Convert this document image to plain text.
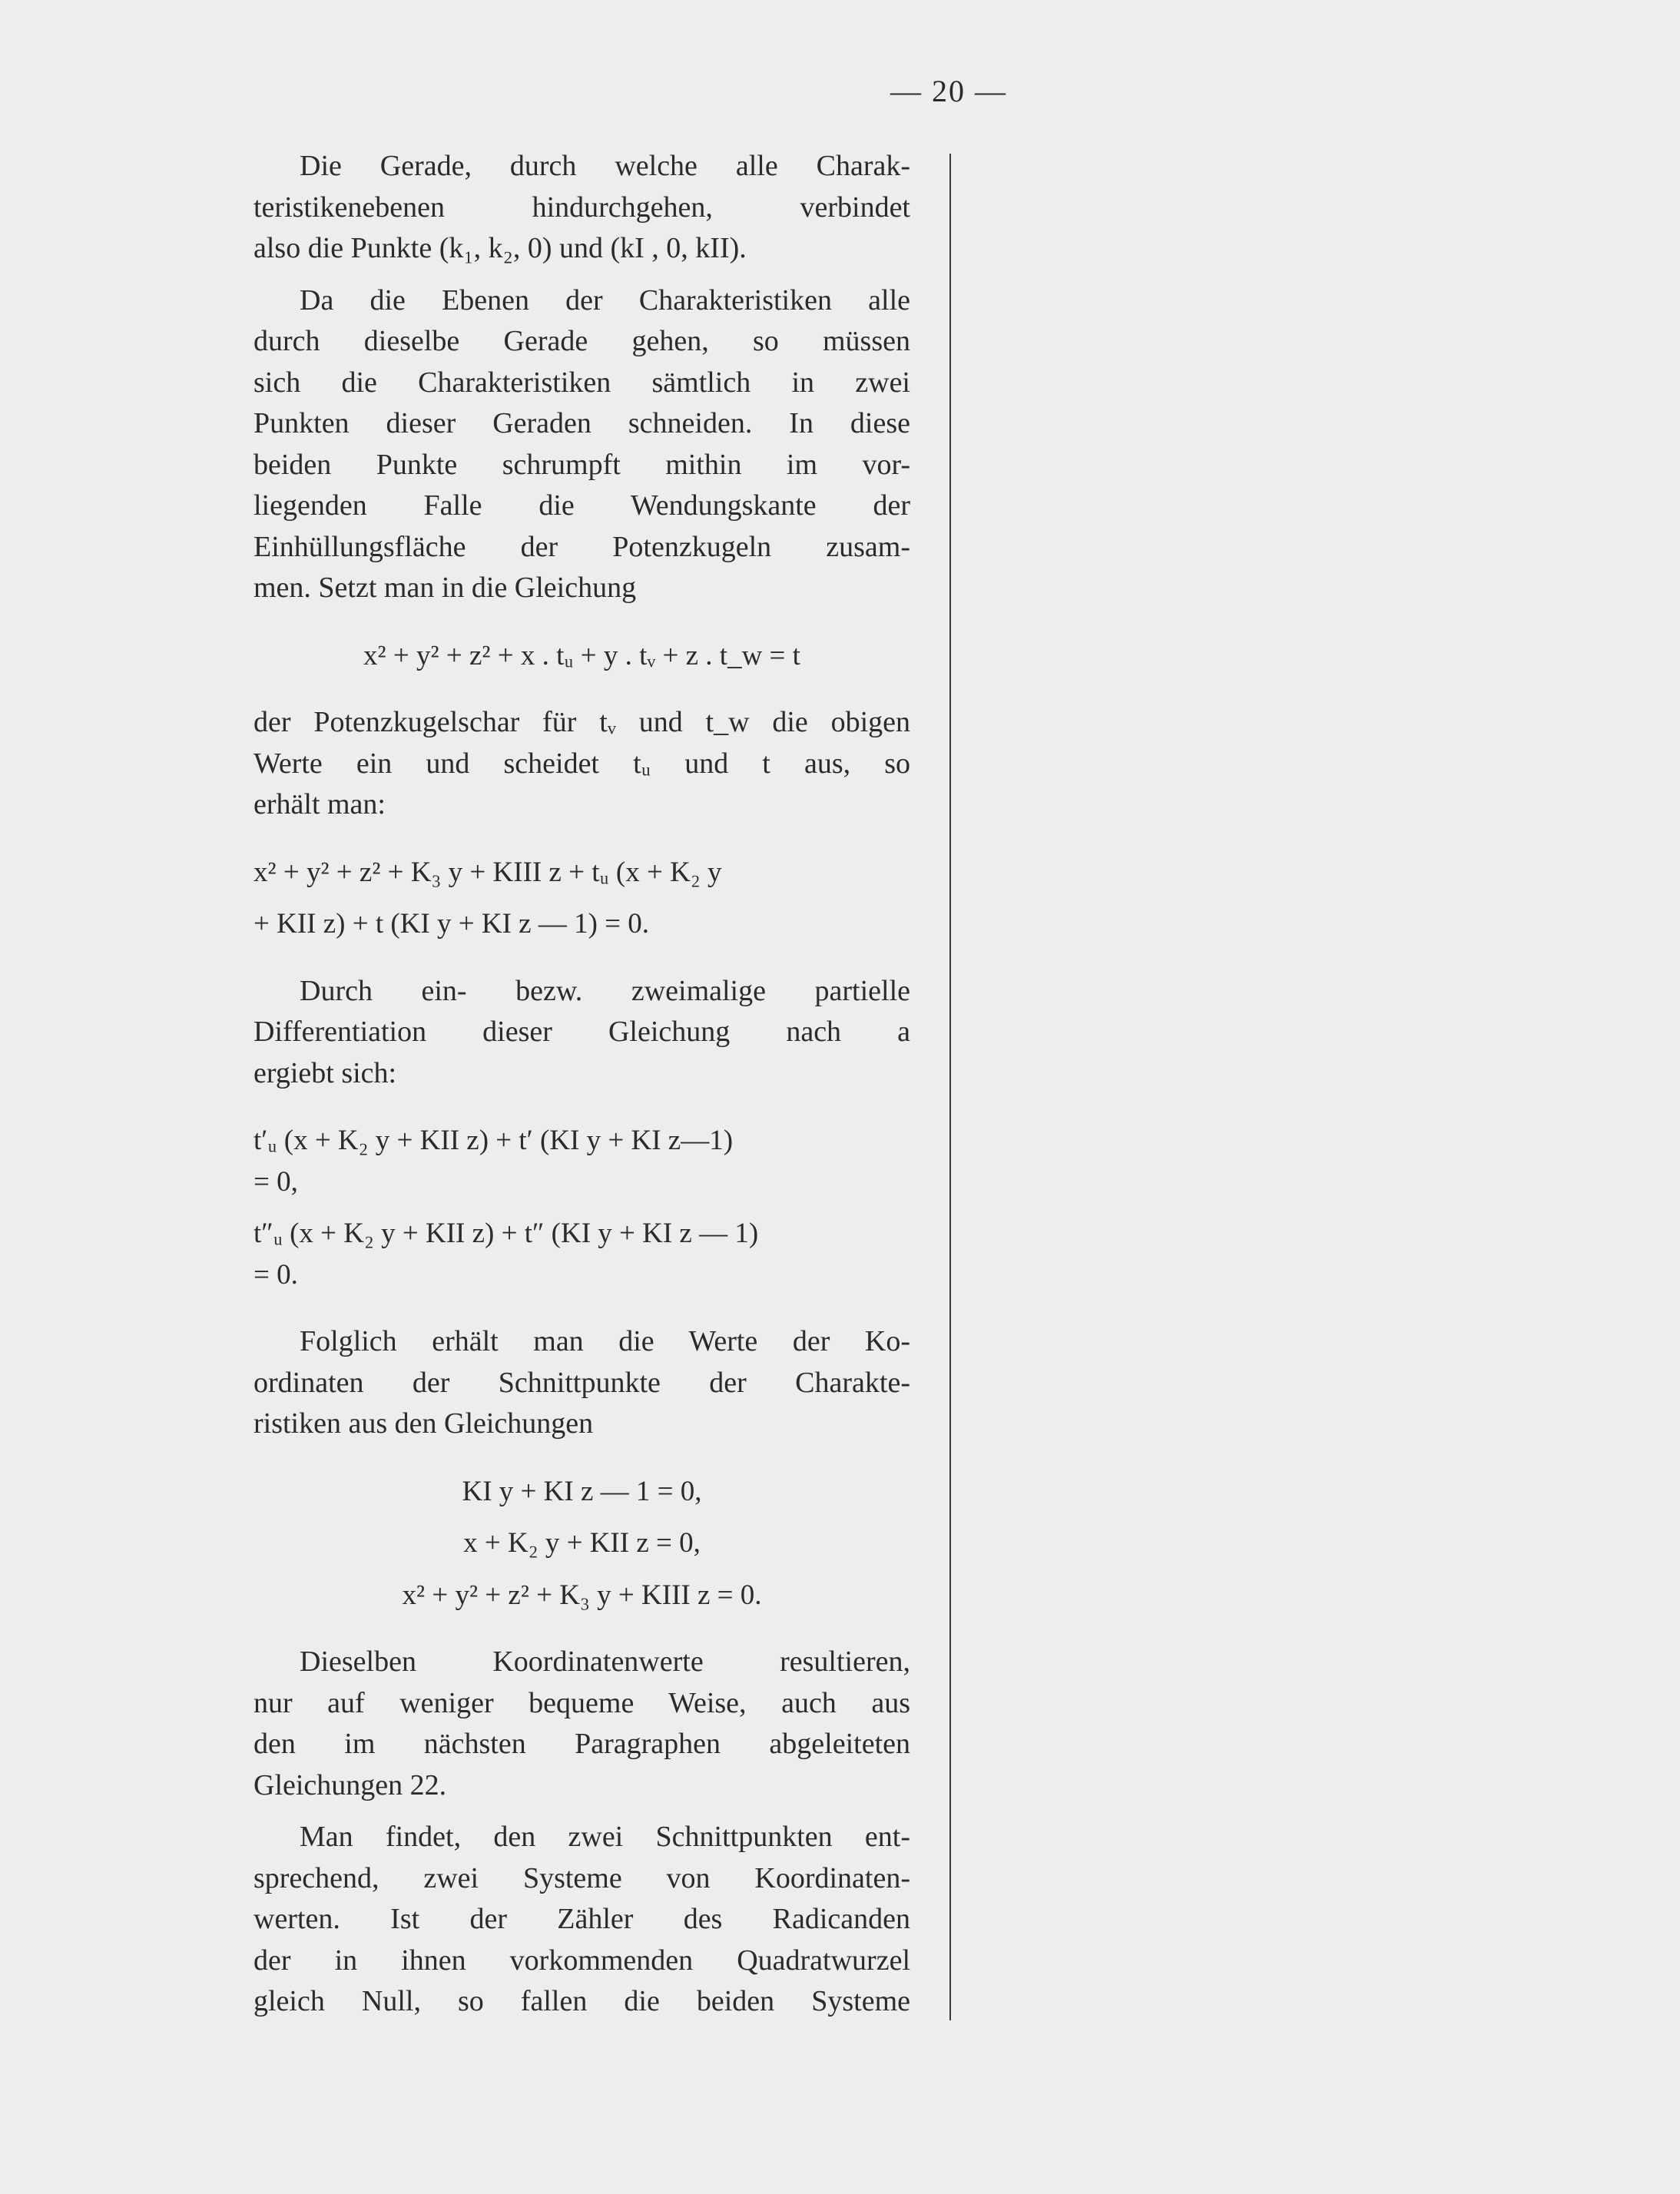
— 20 —

Die Gerade, durch welche alle Charak-

teristikenebenen hindurchgehen, verbindet

also die Punkte (k₁, k₂, 0) und (kI , 0, kII).

Da die Ebenen der Charakteristiken alle

durch dieselbe Gerade gehen, so müssen

sich die Charakteristiken sämtlich in zwei

Punkten dieser Geraden schneiden. In diese

beiden Punkte schrumpft mithin im vor-

liegenden Falle die Wendungskante der

Einhüllungsfläche der Potenzkugeln zusam-

men. Setzt man in die Gleichung

x² + y² + z² + x . tᵤ + y . tᵥ + z . t_w = t

der Potenzkugelschar für tᵥ und t_w die obigen

Werte ein und scheidet tᵤ und t aus, so

erhält man:

x² + y² + z² + K₃ y + KIII z + tᵤ (x + K₂ y
+ KII z) + t (KI y + KI z — 1) = 0.

Durch ein- bezw. zweimalige partielle

Differentiation dieser Gleichung nach a

ergiebt sich:

t′ᵤ (x + K₂ y + KII z) + t′ (KI y + KI z—1)
= 0,
t″ᵤ (x + K₂ y + KII z) + t″ (KI y + KI z — 1)
= 0.

Folglich erhält man die Werte der Ko-

ordinaten der Schnittpunkte der Charakte-

ristiken aus den Gleichungen

KI y + KI z — 1 = 0,
x + K₂ y + KII z = 0,
x² + y² + z² + K₃ y + KIII z = 0.

Dieselben Koordinatenwerte resultieren,

nur auf weniger bequeme Weise, auch aus

den im nächsten Paragraphen abgeleiteten

Gleichungen 22.

Man findet, den zwei Schnittpunkten ent-

sprechend, zwei Systeme von Koordinaten-

werten. Ist der Zähler des Radicanden

der in ihnen vorkommenden Quadratwurzel

gleich Null, so fallen die beiden Systeme
